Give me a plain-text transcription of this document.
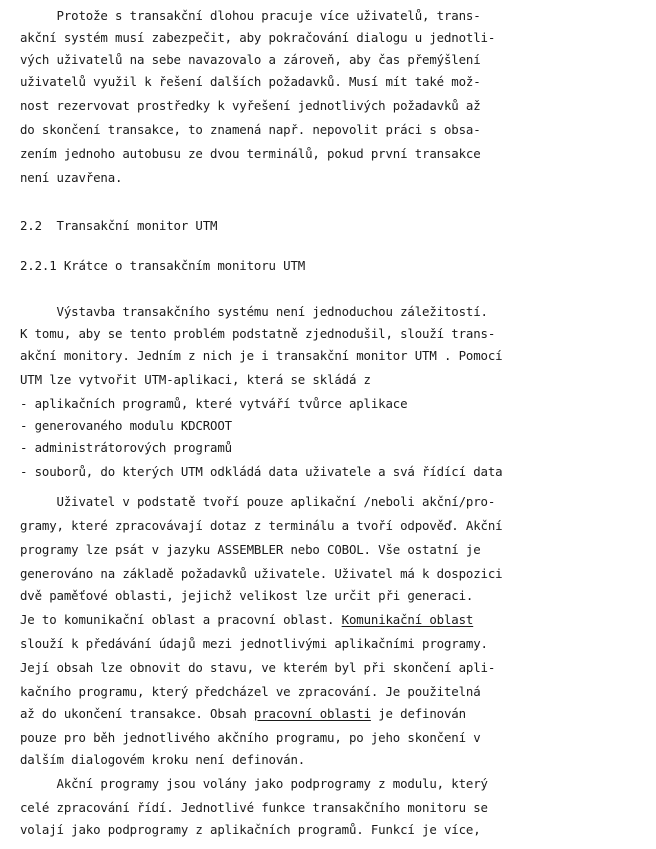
Protože s transakční dlohou pracuje více uživatelů, trans-
akční systém musí zabezpečit, aby pokračování dialogu u jednotli-
vých uživatelů na sebe navazovalo a zároveň, aby čas přemýšlení
uživatelů využil k řešení dalších požadavků. Musí mít také mož-
nost rezervovat prostředky k vyřešení jednotlivých požadavků až
do skončení transakce, to znamená např. nepovolit práci s obsa-
zením jednoho autobusu ze dvou terminálů, pokud první transakce
není uzavřena.
2.2  Transakční monitor UTM
2.2.1 Krátce o transakčním monitoru UTM
Výstavba transakčního systému není jednoduchou záležitostí.
K tomu, aby se tento problém podstatně zjednodušil, slouží trans-
akční monitory. Jedním z nich je i transakční monitor UTM . Pomocí
UTM lze vytvořit UTM-aplikaci, která se skládá z
- aplikačních programů, které vytváří tvůrce aplikace
- generovaného modulu KDCROOT
- administrátorových programů
- souborů, do kterých UTM odkládá data uživatele a svá řídící data
Uživatel v podstatě tvoří pouze aplikační /neboli akční/pro-
gramy, které zpracovávají dotaz z terminálu a tvoří odpověď. Akční
programy lze psát v jazyku ASSEMBLER nebo COBOL. Vše ostatní je
generováno na základě požadavků uživatele. Uživatel má k dospozici
dvě paměťové oblasti, jejichž velikost lze určit při generaci.
Je to komunikační oblast a pracovní oblast. Komunikační oblast
slouží k předávání údajů mezi jednotlivými aplikačními programy.
Její obsah lze obnovit do stavu, ve kterém byl při skončení apli-
kačního programu, který předcházel ve zpracování. Je použitelná
až do ukončení transakce. Obsah pracovní oblasti je definován
pouze pro běh jednotlivého akčního programu, po jeho skončení v
dalším dialogovém kroku není definován.
Akční programy jsou volány jako podprogramy z modulu, který
celé zpracování řídí. Jednotlivé funkce transakčního monitoru se
volají jako podprogramy z aplikačních programů. Funkcí je více,
